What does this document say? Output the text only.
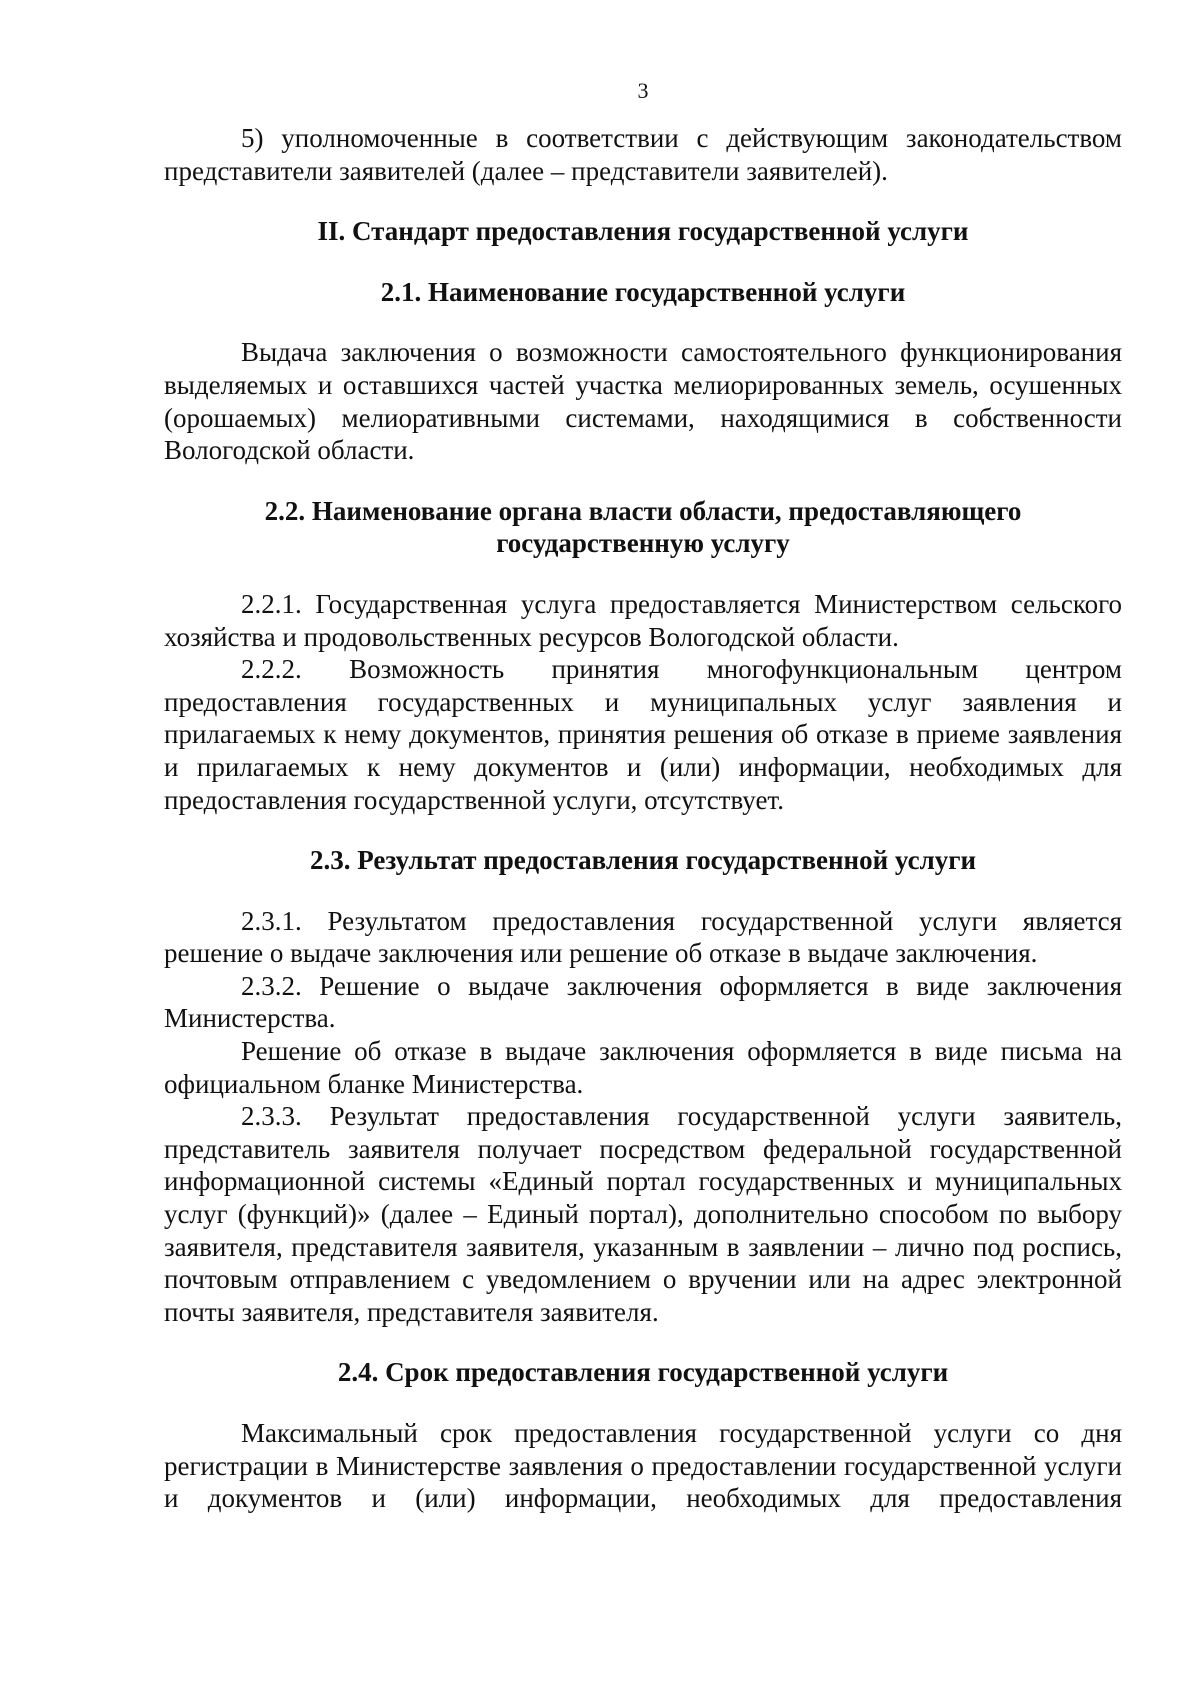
3

5) уполномоченные в соответствии с действующим законодательством представители заявителей (далее – представители заявителей).

II. Стандарт предоставления государственной услуги
2.1. Наименование государственной услуги

Выдача заключения о возможности самостоятельного функционирования выделяемых и оставшихся частей участка мелиорированных земель, осушенных (орошаемых) мелиоративными системами, находящимися в собственности Вологодской области.

2.2. Наименование органа власти области, предоставляющего государственную услугу

2.2.1. Государственная услуга предоставляется Министерством сельского хозяйства и продовольственных ресурсов Вологодской области.

2.2.2. Возможность принятия многофункциональным центром предоставления государственных и муниципальных услуг заявления и прилагаемых к нему документов, принятия решения об отказе в приеме заявления и прилагаемых к нему документов и (или) информации, необходимых для предоставления государственной услуги, отсутствует.

2.3. Результат предоставления государственной услуги

2.3.1. Результатом предоставления государственной услуги является решение о выдаче заключения или решение об отказе в выдаче заключения.

2.3.2. Решение о выдаче заключения оформляется в виде заключения Министерства.

Решение об отказе в выдаче заключения оформляется в виде письма на официальном бланке Министерства.

2.3.3. Результат предоставления государственной услуги заявитель, представитель заявителя получает посредством федеральной государственной информационной системы «Единый портал государственных и муниципальных услуг (функций)» (далее – Единый портал), дополнительно способом по выбору заявителя, представителя заявителя, указанным в заявлении – лично под роспись, почтовым отправлением с уведомлением о вручении или на адрес электронной почты заявителя, представителя заявителя.

2.4. Срок предоставления государственной услуги

Максимальный срок предоставления государственной услуги со дня регистрации в Министерстве заявления о предоставлении государственной услуги и документов и (или) информации, необходимых для предоставления
